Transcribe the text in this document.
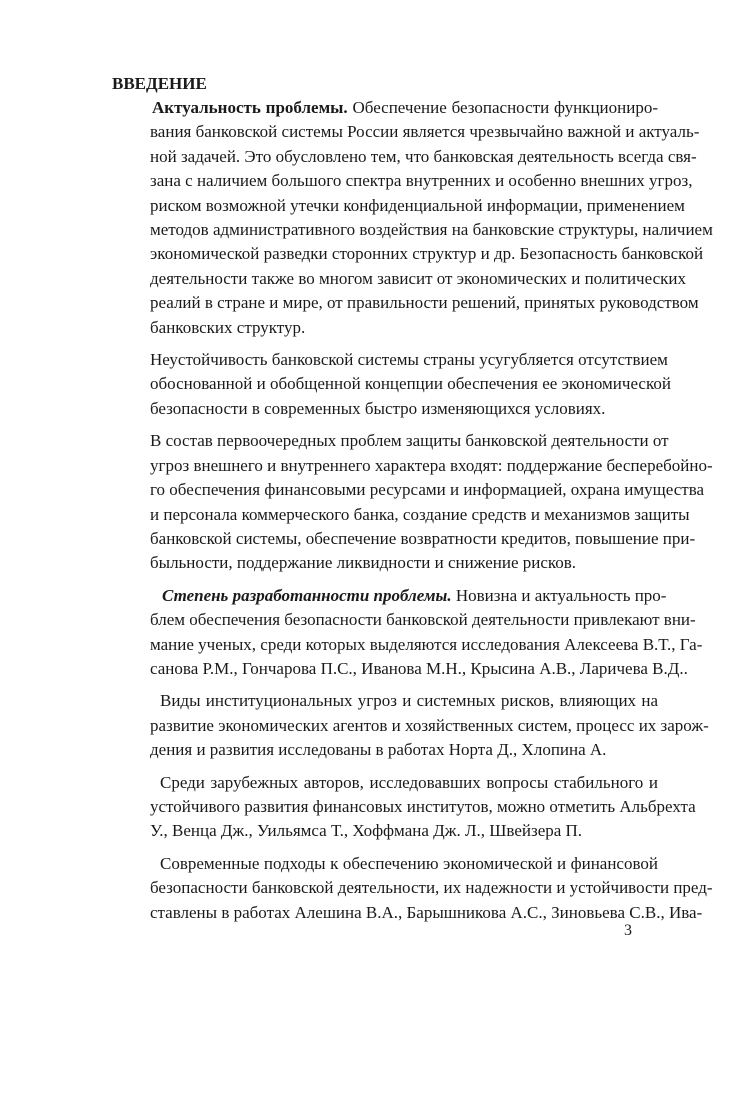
ВВЕДЕНИЕ
Актуальность проблемы. Обеспечение безопасности функциониро-
вания банковской системы России является чрезвычайно важной и актуаль-
ной задачей. Это обусловлено тем, что банковская деятельность всегда свя-
зана с наличием большого спектра внутренних и особенно внешних угроз,
риском возможной утечки конфиденциальной информации, применением
методов административного воздействия на банковские структуры, наличием
экономической разведки сторонних структур и др. Безопасность банковской
деятельности также во многом зависит от экономических и политических
реалий в стране и мире, от правильности решений, принятых руководством
банковских структур.
Неустойчивость банковской системы страны усугубляется отсутствием
обоснованной и обобщенной концепции обеспечения ее экономической
безопасности в современных быстро изменяющихся условиях.
В состав первоочередных проблем защиты банковской деятельности от
угроз внешнего и внутреннего характера входят: поддержание бесперебойно-
го обеспечения финансовыми ресурсами и информацией, охрана имущества
и персонала коммерческого банка, создание средств и механизмов защиты
банковской системы, обеспечение возвратности кредитов, повышение при-
быльности, поддержание ликвидности и снижение рисков.
Степень разработанности проблемы. Новизна и актуальность про-
блем обеспечения безопасности банковской деятельности привлекают вни-
мание ученых, среди которых выделяются исследования Алексеева В.Т., Га-
санова Р.М., Гончарова П.С., Иванова М.Н., Крысина А.В., Ларичева В.Д..
Виды институциональных угроз и системных рисков, влияющих на
развитие экономических агентов и хозяйственных систем, процесс их зарож-
дения и развития исследованы в работах Норта Д., Хлопина А.
Среди зарубежных авторов, исследовавших вопросы стабильного и
устойчивого развития финансовых институтов, можно отметить Альбрехта
У., Венца Дж., Уильямса Т., Хоффмана Дж. Л., Швейзера П.
Современные подходы к обеспечению экономической и финансовой
безопасности банковской деятельности, их надежности и устойчивости пред-
ставлены в работах Алешина В.А., Барышникова А.С., Зиновьева С.В., Ива-
3
